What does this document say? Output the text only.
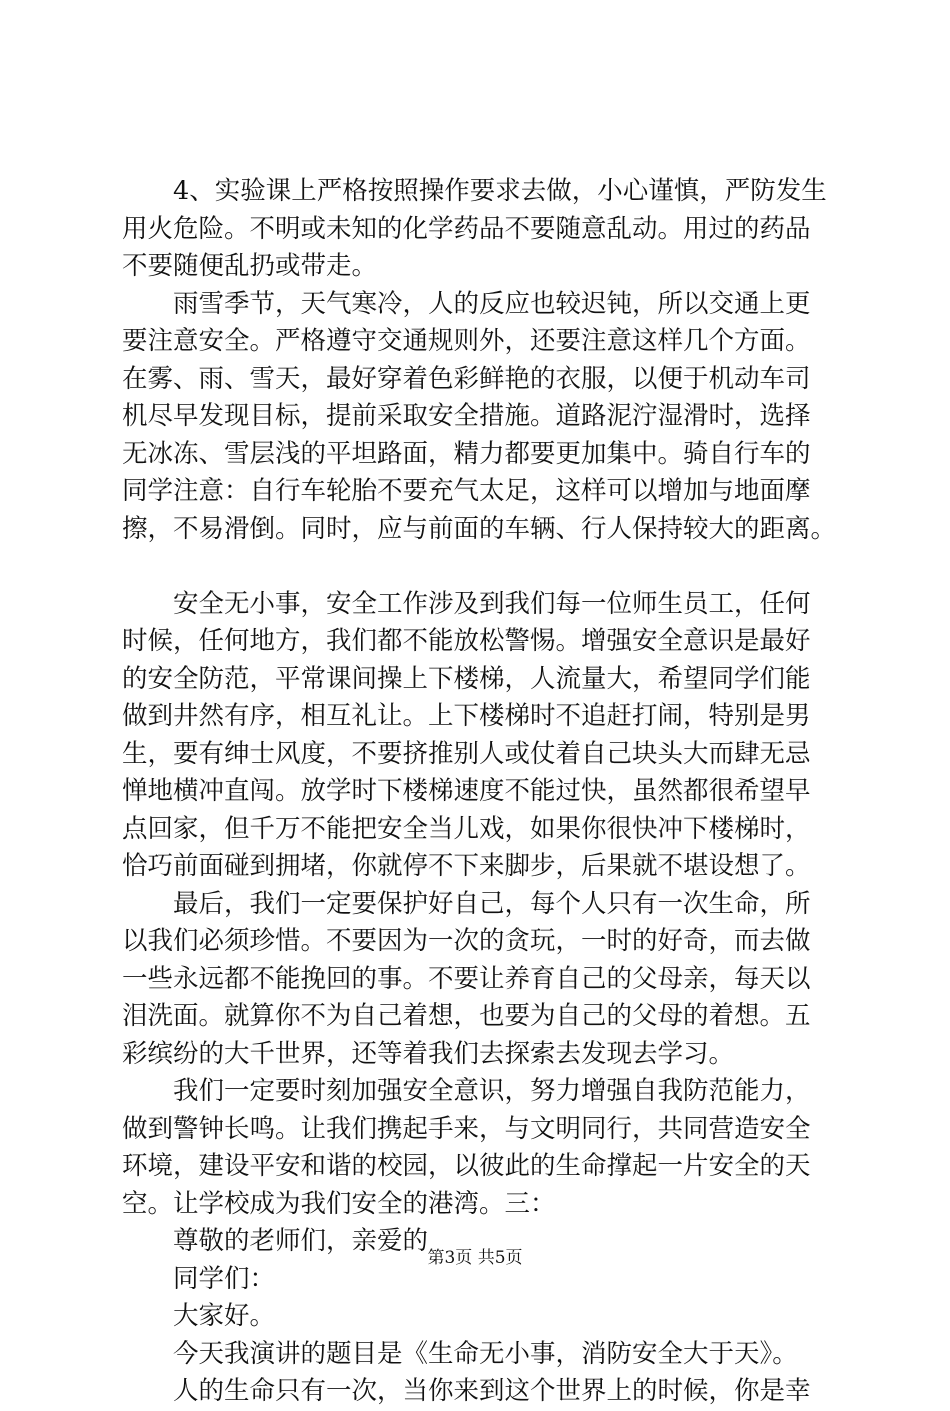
　　4、实验课上严格按照操作要求去做，小心谨慎，严防发生
用火危险。不明或未知的化学药品不要随意乱动。用过的药品
不要随便乱扔或带走。
　　雨雪季节，天气寒冷，人的反应也较迟钝，所以交通上更
要注意安全。严格遵守交通规则外，还要注意这样几个方面。
在雾、雨、雪天，最好穿着色彩鲜艳的衣服，以便于机动车司
机尽早发现目标，提前采取安全措施。道路泥泞湿滑时，选择
无冰冻、雪层浅的平坦路面，精力都要更加集中。骑自行车的
同学注意：自行车轮胎不要充气太足，这样可以增加与地面摩
擦，不易滑倒。同时，应与前面的车辆、行人保持较大的距离。
　　安全无小事，安全工作涉及到我们每一位师生员工，任何
时候，任何地方，我们都不能放松警惕。增强安全意识是最好
的安全防范，平常课间操上下楼梯，人流量大，希望同学们能
做到井然有序，相互礼让。上下楼梯时不追赶打闹，特别是男
生，要有绅士风度，不要挤推别人或仗着自己块头大而肆无忌
惮地横冲直闯。放学时下楼梯速度不能过快，虽然都很希望早
点回家，但千万不能把安全当儿戏，如果你很快冲下楼梯时，
恰巧前面碰到拥堵，你就停不下来脚步，后果就不堪设想了。
　　最后，我们一定要保护好自己，每个人只有一次生命，所
以我们必须珍惜。不要因为一次的贪玩，一时的好奇，而去做
一些永远都不能挽回的事。不要让养育自己的父母亲，每天以
泪洗面。就算你不为自己着想，也要为自己的父母的着想。五
彩缤纷的大千世界，还等着我们去探索去发现去学习。
　　我们一定要时刻加强安全意识，努力增强自我防范能力，
做到警钟长鸣。让我们携起手来，与文明同行，共同营造安全
环境，建设平安和谐的校园，以彼此的生命撑起一片安全的天
空。让学校成为我们安全的港湾。三：
　　尊敬的老师们，亲爱的
　　同学们：
　　大家好。
　　今天我演讲的题目是《生命无小事，消防安全大于天》。
　　人的生命只有一次，当你来到这个世界上的时候，你是幸
第3页 共5页
